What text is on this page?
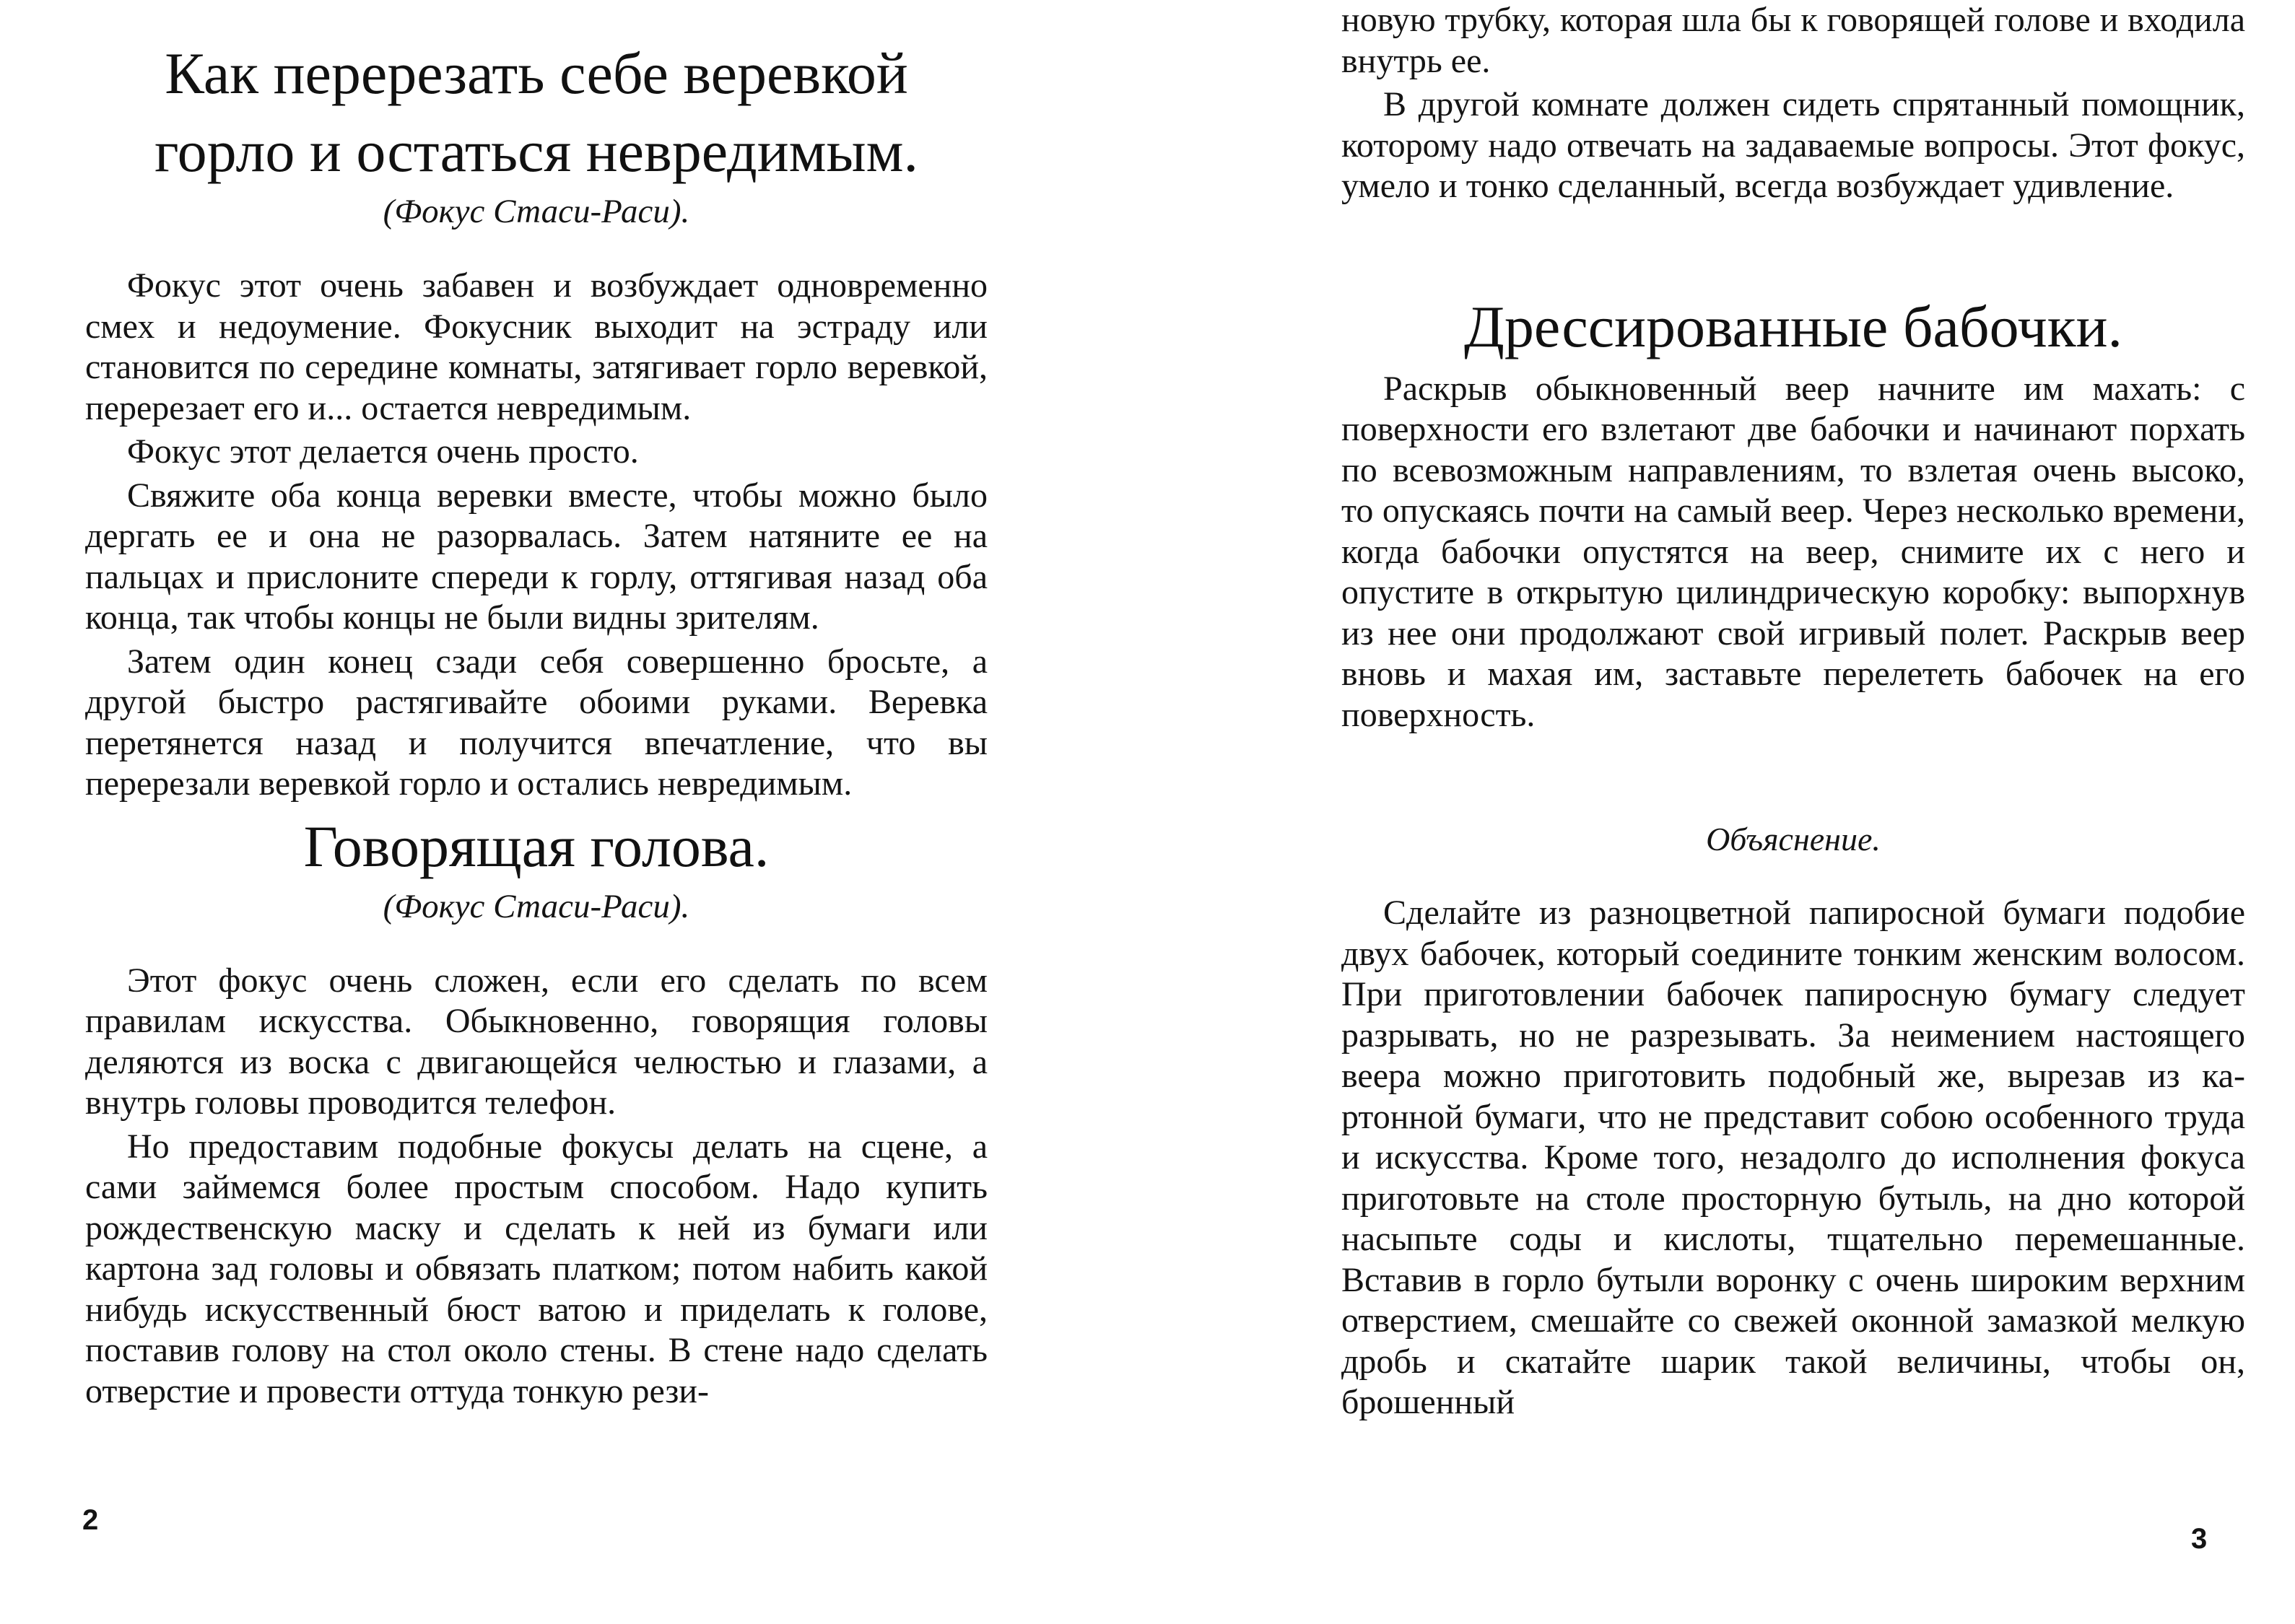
Как перерезать себе веревкой
горло и остаться невредимым.
(Фокус Стаси-Раси).

Фокус этот очень забавен и возбуждает одновременно смех и недоумение. Фокусник выходит на эстраду или становится по середине комнаты, затягивает горло веревкой, перерезает его и... остается невредимым.

Фокус этот делается очень просто.

Свяжите оба конца веревки вместе, чтобы можно было дергать ее и она не разорвалась. Затем натяните ее на пальцах и прислоните спереди к горлу, оттягивая назад оба конца, так чтобы концы не были видны зрителям.

Затем один конец сзади себя совершенно бросьте, а другой быстро растягивайте обоими руками. Веревка перетянется назад и получится впечатление, что вы перерезали веревкой горло и остались невредимым.

Говорящая голова.
(Фокус Стаси-Раси).

Этот фокус очень сложен, если его сделать по всем правилам искусства. Обыкновенно, говорящия головы деляются из воска с двигающейся челюстью и глазами, а внутрь головы проводится телефон.

Но предоставим подобные фокусы делать на сцене, а сами займемся более простым способом. Надо купить рождественскую маску и сделать к ней из бумаги или картона зад головы и обвязать платком; потом набить какой нибудь искусственный бюст ватою и приделать к голове, поставив голову на стол около стены. В стене надо сделать отверстие и провести оттуда тонкую рези-

2

новую трубку, которая шла бы к говорящей голове и входила внутрь ее.

В другой комнате должен сидеть спрятанный помощник, которому надо отвечать на задаваемые вопросы. Этот фокус, умело и тонко сделанный, всегда возбуждает удивление.

Дрессированные бабочки.

Раскрыв обыкновенный веер начните им махать: с поверхности его взлетают две бабочки и начинают порхать по всевозможным направлениям, то взлетая очень высоко, то опускаясь почти на самый веер. Через несколько времени, когда бабочки опустятся на веер, снимите их с него и опустите в открытую цилиндрическую коробку: выпорхнув из нее они продолжают свой игривый полет. Раскрыв веер вновь и махая им, заставьте перелететь бабочек на его поверхность.

Объяснение.

Сделайте из разноцветной папиросной бумаги подобие двух бабочек, который соедините тонким женским волосом. При приготовлении бабочек папиросную бумагу следует разрывать, но не разрезывать. За неимением настоящего веера можно приготовить подобный же, вырезав из ка-ртонной бумаги, что не представит собою особенного труда и искусства. Кроме того, незадолго до исполнения фокуса приготовьте на столе просторную бутыль, на дно которой насыпьте соды и кислоты, тщательно перемешанные. Вставив в горло бутыли воронку с очень широким верхним отверстием, смешайте со свежей оконной замазкой мелкую дробь и скатайте шарик такой величины, чтобы он, брошенный

3
